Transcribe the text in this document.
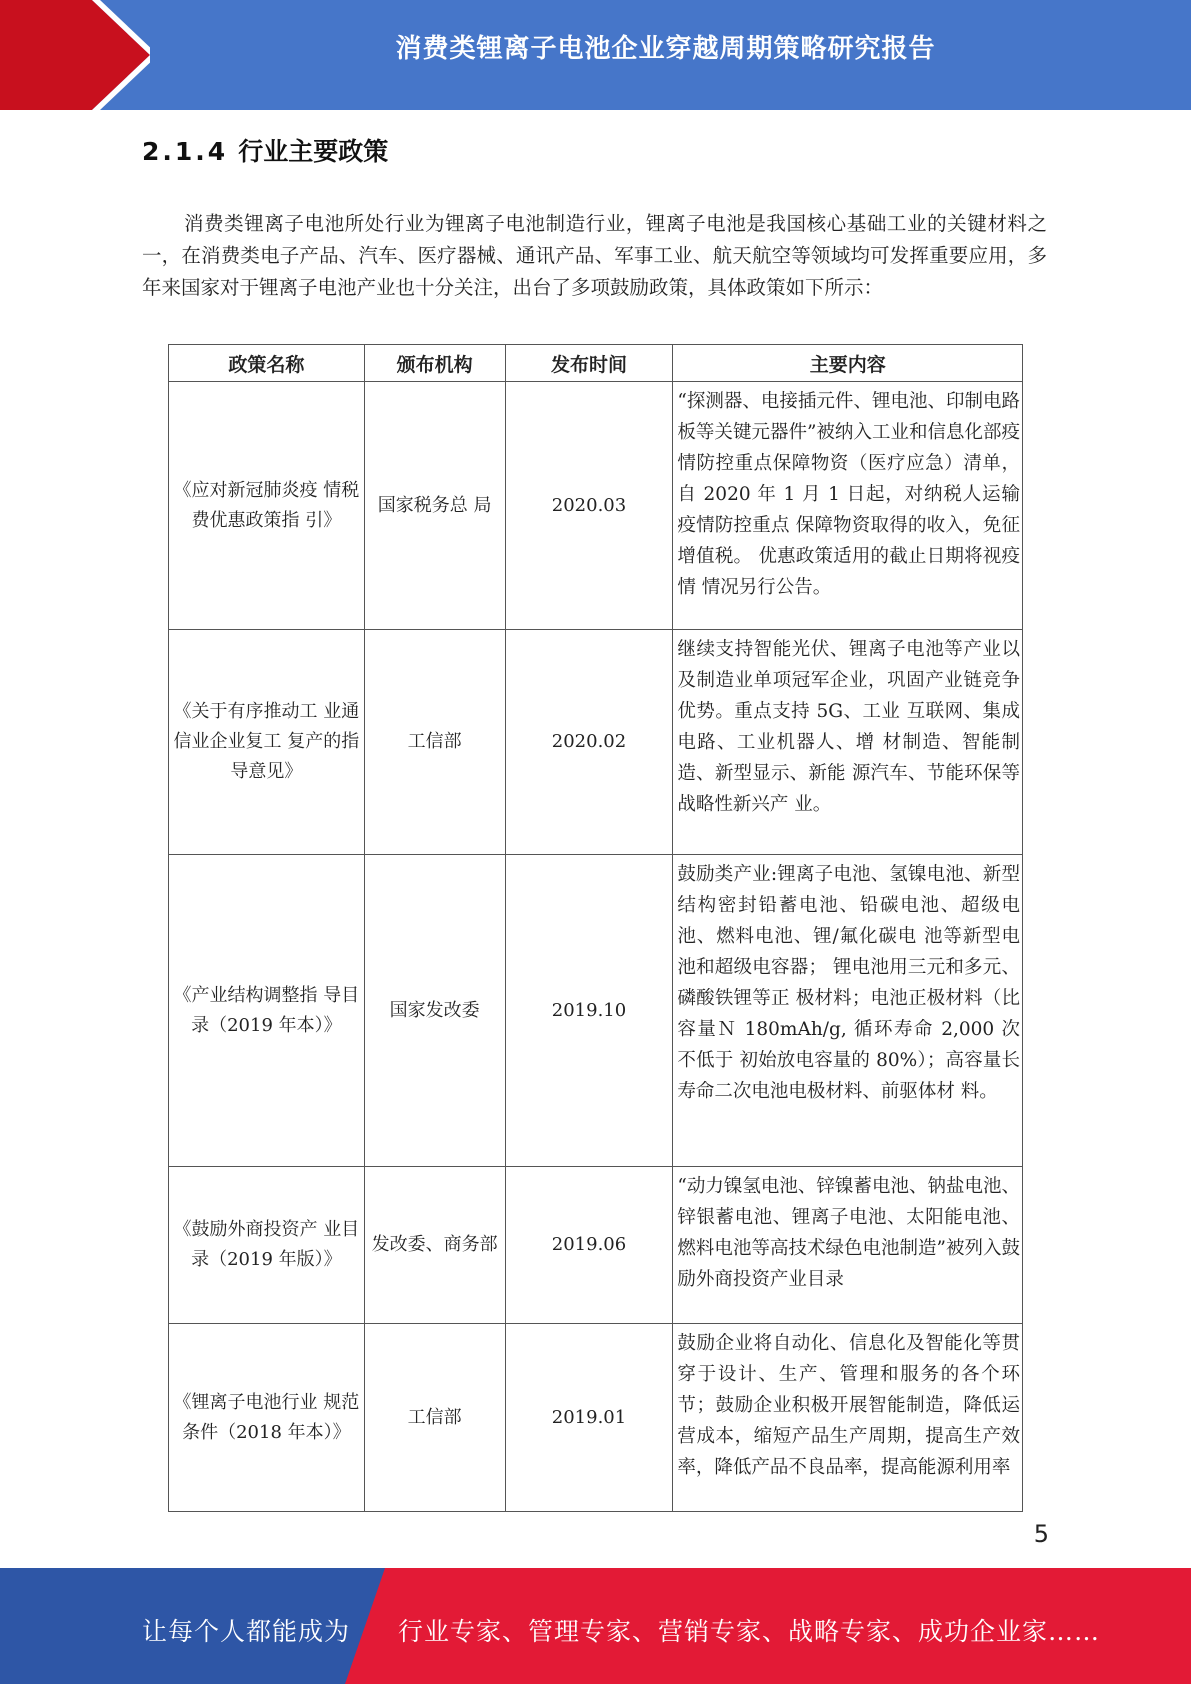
消费类锂离子电池企业穿越周期策略研究报告
2.1.4 行业主要政策
消费类锂离子电池所处行业为锂离子电池制造行业，锂离子电池是我国核心基础工业的关键材料之一，在消费类电子产品、汽车、医疗器械、通讯产品、军事工业、航天航空等领域均可发挥重要应用，多年来国家对于锂离子电池产业也十分关注，出台了多项鼓励政策，具体政策如下所示：
政策名称	颁布机构	发布时间	主要内容
《应对新冠肺炎疫 情税费优惠政策指 引》	国家税务总 局	2020.03	“探测器、电接插元件、锂电池、印制电路板等关键元器件”被纳入工业和信息化部疫情防控重点保障物资（医疗应急）清单，自 2020 年 1 月 1 日起，对纳税人运输疫情防控重点 保障物资取得的收入，免征增值税。 优惠政策适用的截止日期将视疫情 情况另行公告。
《关于有序推动工 业通信业企业复工 复产的指导意见》	工信部	2020.02	继续支持智能光伏、锂离子电池等产业以及制造业单项冠军企业，巩固产业链竞争优势。重点支持 5G、工业 互联网、集成电路、工业机器人、增 材制造、智能制造、新型显示、新能 源汽车、节能环保等战略性新兴产 业。
《产业结构调整指 导目录（2019 年本）》	国家发改委	2019.10	鼓励类产业:锂离子电池、氢镍电池、新型结构密封铅蓄电池、铅碳电池、超级电池、燃料电池、锂/氟化碳电 池等新型电池和超级电容器； 锂电池用三元和多元、磷酸铁锂等正 极材料；电池正极材料（比容量Ｎ 180mAh/g, 循环寿命 2,000 次不低于 初始放电容量的 80%）；高容量长 寿命二次电池电极材料、前驱体材 料。
《鼓励外商投资产 业目录（2019 年版）》	发改委、商务部	2019.06	“动力镍氢电池、锌镍蓄电池、钠盐电池、锌银蓄电池、锂离子电池、太阳能电池、燃料电池等高技术绿色电池制造”被列入鼓励外商投资产业目录
《锂离子电池行业 规范条件（2018 年本）》	工信部	2019.01	鼓励企业将自动化、信息化及智能化等贯穿于设计、生产、管理和服务的各个环节；鼓励企业积极开展智能制造，降低运营成本，缩短产品生产周期，提高生产效率，降低产品不良品率，提高能源利用率
5
让每个人都能成为 行业专家、管理专家、营销专家、战略专家、成功企业家……
